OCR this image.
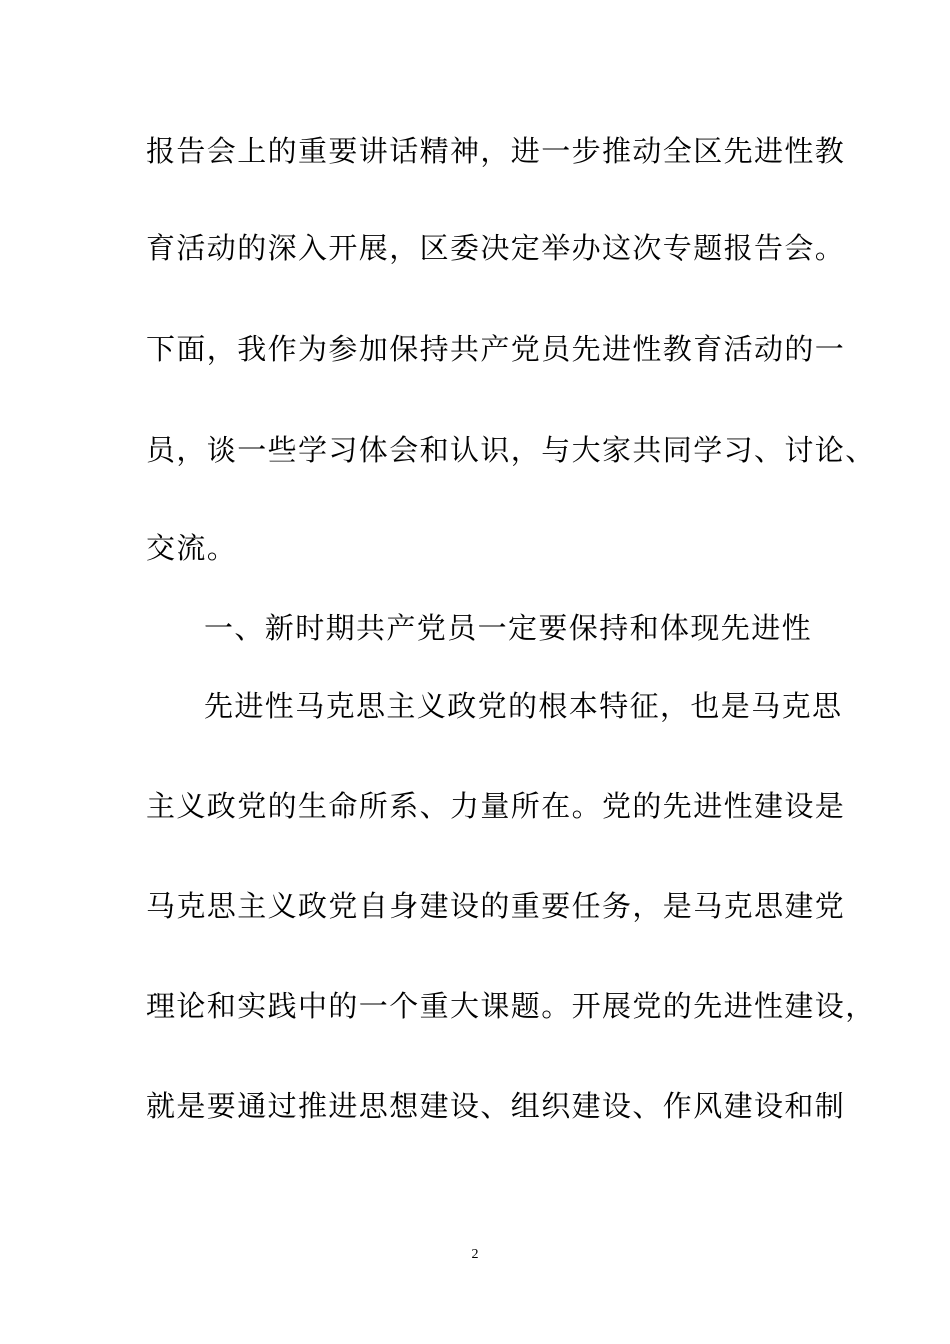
报告会上的重要讲话精神，进一步推动全区先进性教
育活动的深入开展，区委决定举办这次专题报告会。
下面，我作为参加保持共产党员先进性教育活动的一
员，谈一些学习体会和认识，与大家共同学习、讨论、
交流。
一、新时期共产党员一定要保持和体现先进性
先进性马克思主义政党的根本特征，也是马克思
主义政党的生命所系、力量所在。党的先进性建设是
马克思主义政党自身建设的重要任务，是马克思建党
理论和实践中的一个重大课题。开展党的先进性建设，
就是要通过推进思想建设、组织建设、作风建设和制
2
